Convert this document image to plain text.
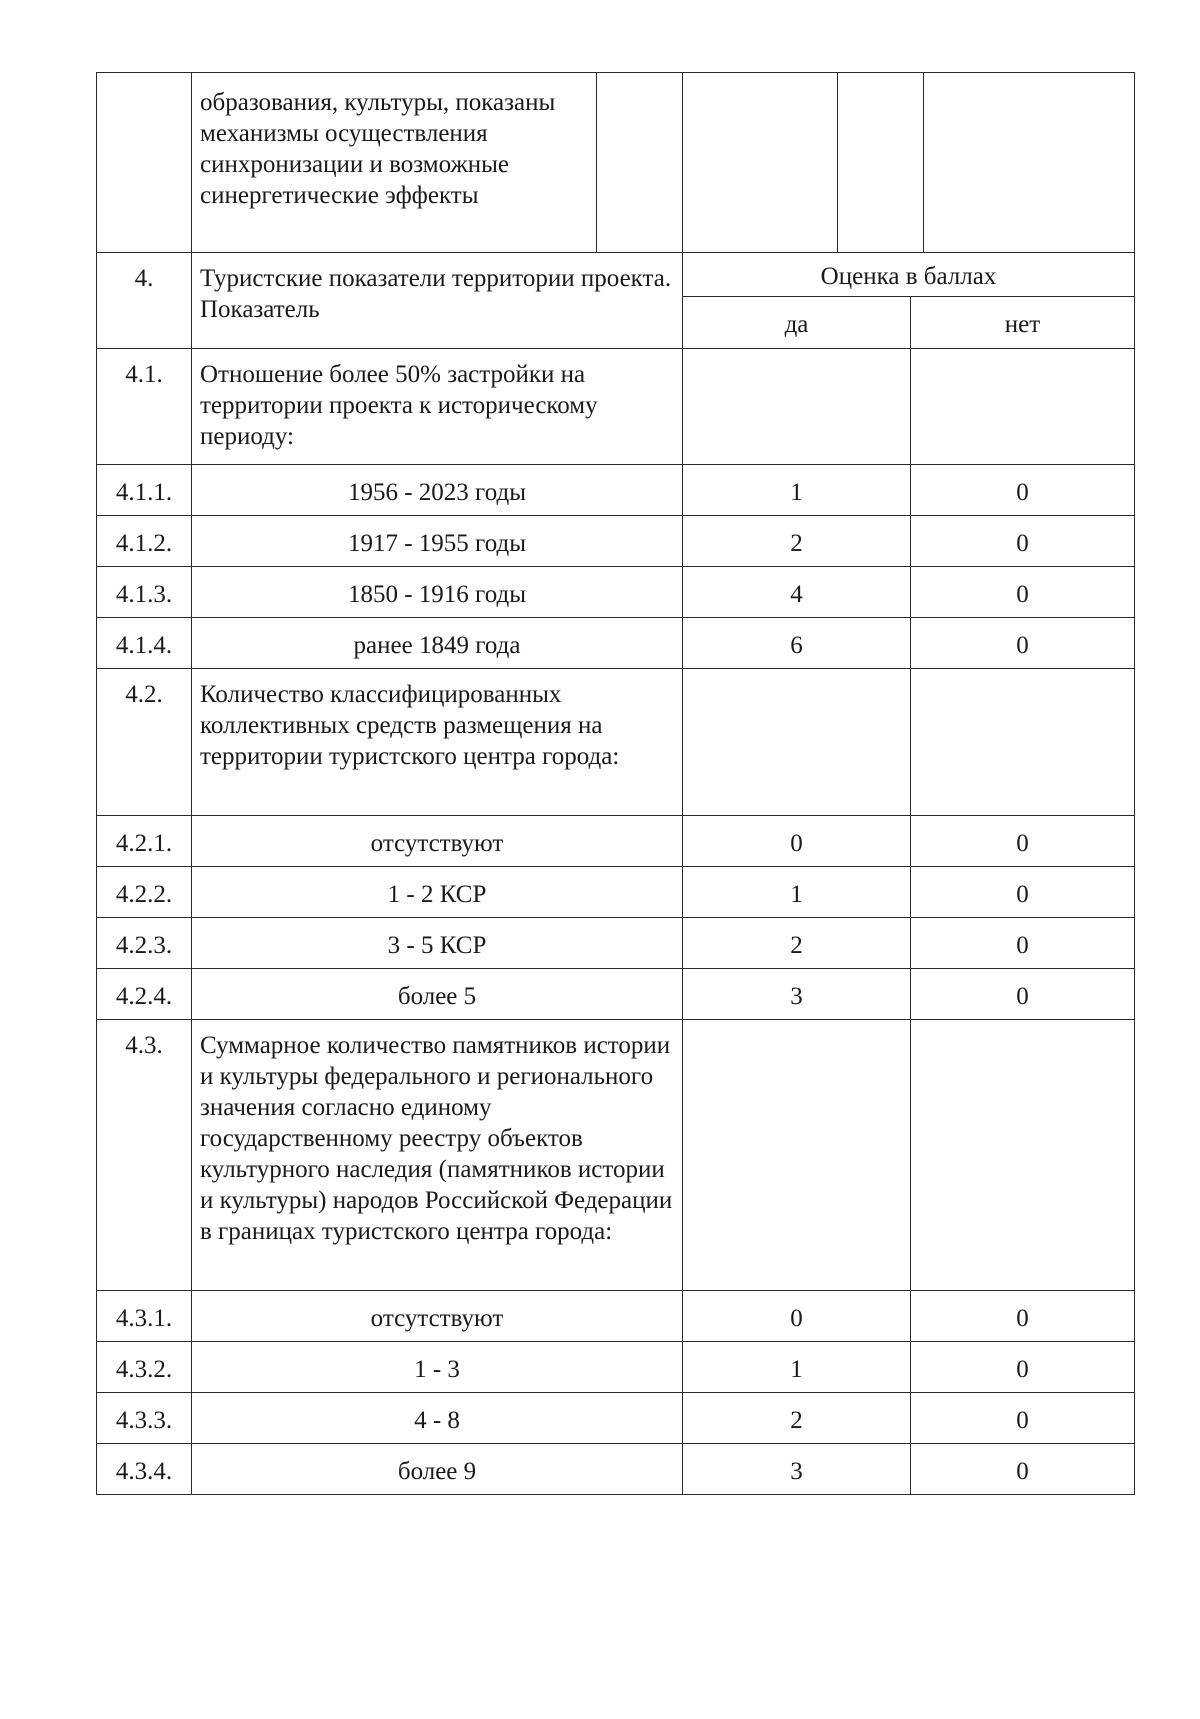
	образования, культуры, показаны механизмы осуществления синхронизации и возможные синергетические эффекты				
4.	Туристские показатели территории проекта. Показатель	Оценка в баллах	
		да	нет
4.1.	Отношение более 50% застройки на территории проекта к историческому периоду:		
4.1.1.	1956 - 2023 годы	1	0
4.1.2.	1917 - 1955 годы	2	0
4.1.3.	1850 - 1916 годы	4	0
4.1.4.	ранее 1849 года	6	0
4.2.	Количество классифицированных коллективных средств размещения на территории туристского центра города:		
4.2.1.	отсутствуют	0	0
4.2.2.	1 - 2 КСР	1	0
4.2.3.	3 - 5 КСР	2	0
4.2.4.	более 5	3	0
4.3.	Суммарное количество памятников истории и культуры федерального и регионального значения согласно единому государственному реестру объектов культурного наследия (памятников истории и культуры) народов Российской Федерации в границах туристского центра города:		
4.3.1.	отсутствуют	0	0
4.3.2.	1 - 3	1	0
4.3.3.	4 - 8	2	0
4.3.4.	более 9	3	0
